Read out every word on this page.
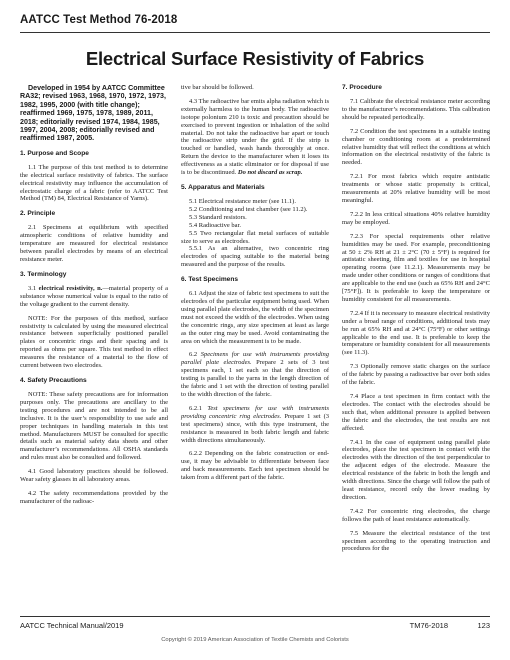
AATCC Test Method 76-2018
Electrical Surface Resistivity of Fabrics

Developed in 1954 by AATCC Committee RA32; revised 1963, 1968, 1970, 1972, 1973, 1982, 1995, 2000 (with title change); reaffirmed 1969, 1975, 1978, 1989, 2011, 2018; editorially revised 1974, 1984, 1985, 1997, 2004, 2008; editorially revised and reaffirmed 1987, 2005.

1. Purpose and Scope

1.1 The purpose of this test method is to determine the electrical surface resistivity of fabrics. The surface electrical resistivity may influence the accumulation of electrostatic charge of a fabric (refer to AATCC Test Method (TM) 84, Electrical Resistance of Yarns).

2. Principle

2.1 Specimens at equilibrium with specified atmospheric conditions of relative humidity and temperature are measured for electrical resistance between parallel electrodes by means of an electrical resistance meter.

3. Terminology

3.1 electrical resistivity, n.—material property of a substance whose numerical value is equal to the ratio of the voltage gradient to the current density.

NOTE: For the purposes of this method, surface resistivity is calculated by using the measured electrical resistance between superficially positioned parallel plates or concentric rings and their spacing and is reported as ohms per square. This test method in effect measures the resistance of a material to the flow of current between two electrodes.

4. Safety Precautions

NOTE: These safety precautions are for information purposes only. The precautions are ancillary to the testing procedures and are not intended to be all inclusive. It is the user’s responsibility to use safe and proper techniques in handling materials in this test method. Manufacturers MUST be consulted for specific details such as material safety data sheets and other manufacturer’s recommendations. All OSHA standards and rules must also be consulted and followed.

4.1 Good laboratory practices should be followed. Wear safety glasses in all laboratory areas.

4.2 The safety recommendations provided by the manufacturer of the radioac-

tive bar should be followed.

4.3 The radioactive bar emits alpha radiation which is externally harmless to the human body. The radioactive isotope polonium 210 is toxic and precaution should be exercised to prevent ingestion or inhalation of the solid material. Do not take the radioactive bar apart or touch the radioactive strip under the grid. If the strip is touched or handled, wash hands thoroughly at once. Return the device to the manufacturer when it loses its effectiveness as a static eliminator or for disposal if use is to be discontinued. Do not discard as scrap.

5. Apparatus and Materials
5.1 Electrical resistance meter (see 11.1).
5.2 Conditioning and test chamber (see 11.2).
5.3 Standard resistors.
5.4 Radioactive bar.
5.5 Two rectangular flat metal surfaces of suitable size to serve as electrodes.
5.5.1 As an alternative, two concentric ring electrodes of spacing suitable to the material being measured and the purpose of the results.
6. Test Specimens

6.1 Adjust the size of fabric test specimens to suit the electrodes of the particular equipment being used. When using parallel plate electrodes, the width of the specimen must not exceed the width of the electrodes. When using the concentric rings, any size specimen at least as large as the outer ring may be used. Avoid contaminating the area on which the measurement is to be made.

6.2 Specimens for use with instruments providing parallel plate electrodes. Prepare 2 sets of 3 test specimens each, 1 set each so that the direction of testing is parallel to the yarns in the length direction of the fabric and 1 set with the direction of testing parallel to the width direction of the fabric.

6.2.1 Test specimens for use with instruments providing concentric ring electrodes. Prepare 1 set (3 test specimens) since, with this type instrument, the resistance is measured in both fabric length and fabric width directions simultaneously.

6.2.2 Depending on the fabric construction or end-use, it may be advisable to differentiate between face and back measurements. Each test specimen should be taken from a different part of the fabric.

7. Procedure

7.1 Calibrate the electrical resistance meter according to the manufacturer’s recommendations. This calibration should be repeated periodically.

7.2 Condition the test specimens in a suitable testing chamber or conditioning room at a predetermined relative humidity that will reflect the conditions at which information on the electrical resistivity of the fabric is needed.

7.2.1 For most fabrics which require antistatic treatments or whose static propensity is critical, measurements at 20% relative humidity will be most meaningful.

7.2.2 In less critical situations 40% relative humidity may be employed.

7.2.3 For special requirements other relative humidities may be used. For example, preconditioning at 50 ± 2% RH at 21 ± 2°C (70 ± 5°F) is required for antistatic sheeting, film and textiles for use in hospital operating rooms (see 11.2.1). Measurements may be made under other conditions or ranges of conditions that are applicable to the end use (such as 65% RH and 24°C [75°F]). It is preferable to keep the temperature or humidity consistent for all measurements.

7.2.4 If it is necessary to measure electrical resistivity under a broad range of conditions, additional tests may be run at 65% RH and at 24°C (75°F) or other settings applicable to the end use. It is preferable to keep the temperature or humidity consistent for all measurements (see 11.3).

7.3 Optionally remove static charges on the surface of the fabric by passing a radioactive bar over both sides of the fabric.

7.4 Place a test specimen in firm contact with the electrodes. The contact with the electrodes should be such that, when additional pressure is applied between the fabric and the electrodes, the test results are not affected.

7.4.1 In the case of equipment using parallel plate electrodes, place the test specimen in contact with the electrodes with the direction of the test perpendicular to the adjacent edges of the electrode. Measure the electrical resistance of the fabric in both the length and width directions. Since the charge will follow the path of least resistance, record only the lower reading by direction.

7.4.2 For concentric ring electrodes, the charge follows the path of least resistance automatically.

7.5 Measure the electrical resistance of the test specimen according to the operating instruction and procedures for the

AATCC Technical Manual/2019	TM76-2018	123
Copyright © 2019 American Association of Textile Chemists and Colorists
